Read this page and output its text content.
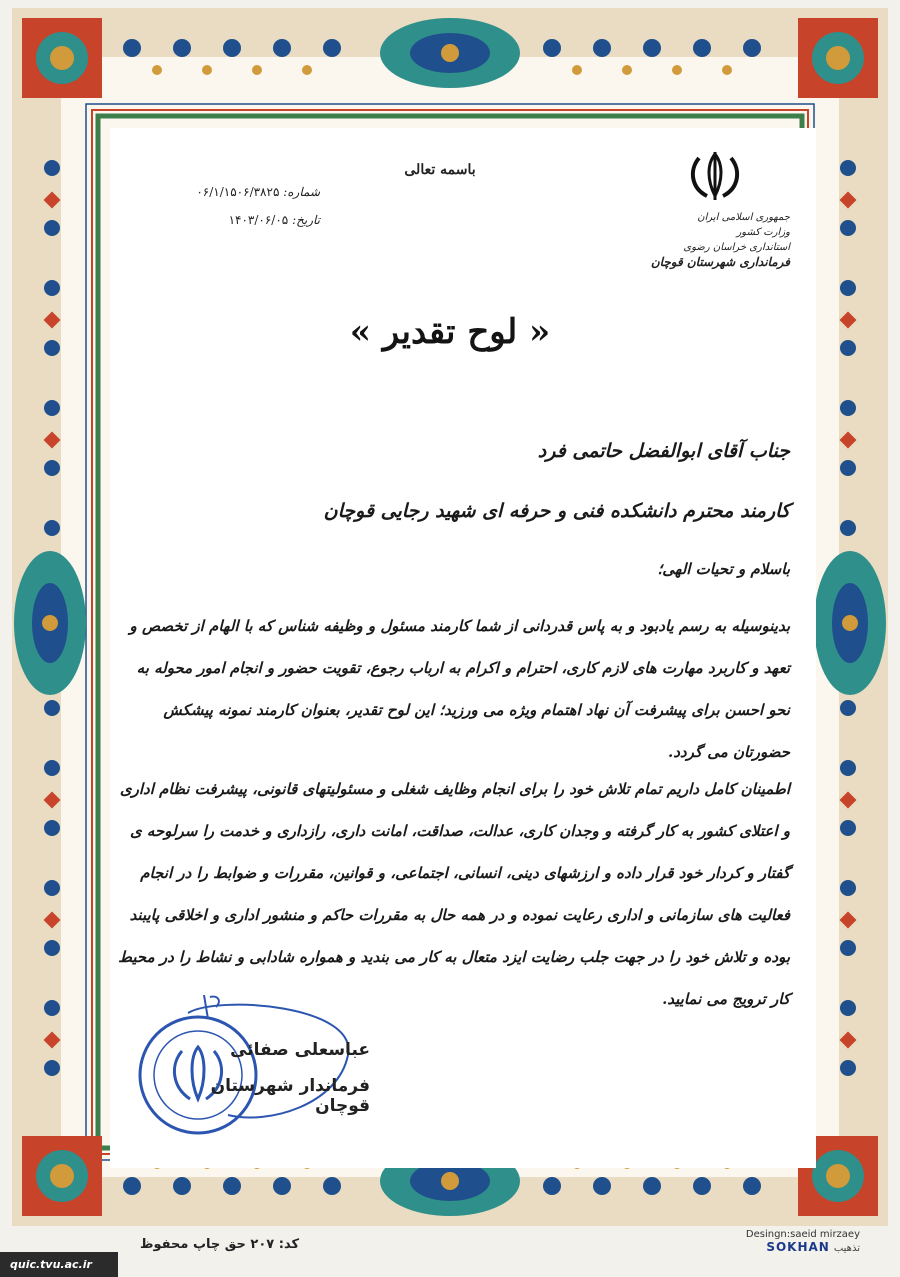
جمهوری اسلامی ایران
وزارت کشور
استانداری خراسان رضوی
فرمانداری شهرستان قوچان
باسمه تعالی
شماره: ۰۶/۱/۱۵۰۶/۳۸۲۵
تاریخ: ۱۴۰۳/۰۶/۰۵
« لوح تقدیر »
جناب آقای ابوالفضل حاتمی فرد
کارمند محترم دانشکده فنی و حرفه ای شهید رجایی قوچان
باسلام و تحیات الهی؛
بدینوسیله به رسم یادبود و به پاس قدردانی از شما کارمند مسئول و وظیفه شناس که با الهام از تخصص و تعهد و کاربرد مهارت های لازم کاری، احترام و اکرام به ارباب رجوع، تقویت حضور و انجام امور محوله به نحو احسن برای پیشرفت آن نهاد اهتمام ویژه می ورزید؛ این لوح تقدیر، بعنوان کارمند نمونه پیشکش حضورتان می گردد.
اطمینان کامل داریم تمام تلاش خود را برای انجام وظایف شغلی و مسئولیتهای قانونی، پیشرفت نظام اداری و اعتلای کشور به کار گرفته و وجدان کاری، عدالت، صداقت، امانت داری، رازداری و خدمت را سرلوحه ی گفتار و کردار خود قرار داده و ارزشهای دینی، انسانی، اجتماعی، و قوانین، مقررات و ضوابط را در انجام فعالیت های سازمانی و اداری رعایت نموده و در همه حال به مقررات حاکم و منشور اداری و اخلاقی پایبند بوده و تلاش خود را در جهت جلب رضایت ایزد متعال به کار می بندید و همواره شادابی و نشاط را در محیط کار ترویج می نمایید.
عباسعلی صفائی
فرماندار شهرستان قوچان
کد: ۲۰۷ حق چاپ محفوظ
quic.tvu.ac.ir
Desingn:saeid mirzaey
SOKHAN تذهیب
